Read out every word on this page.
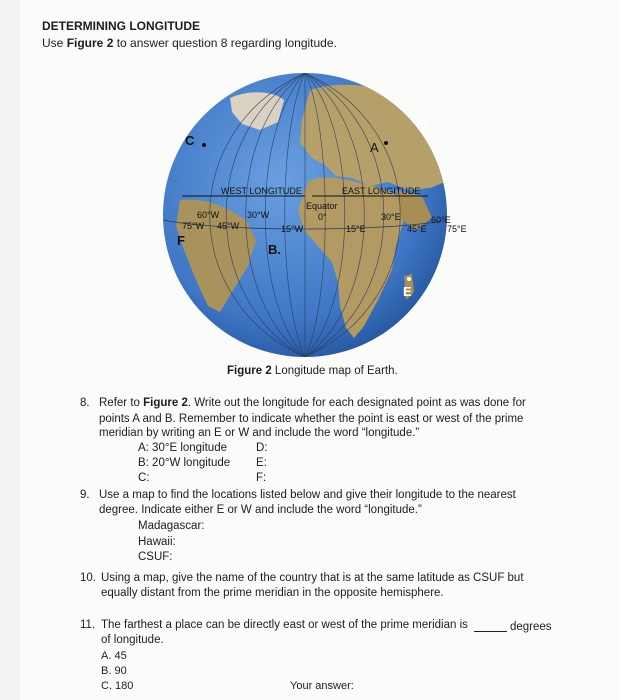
DETERMINING LONGITUDE
Use Figure 2 to answer question 8 regarding longitude.
C	A
D
E
B.
F
WEST LONGITUDE	EAST LONGITUDE
Equator
0°
60°W	30°W
75°W 45°W	15°W
30°E	60°E
15°E	45°E 75°E
Figure 2 Longitude map of Earth.
8. Refer to Figure 2. Write out the longitude for each designated point as was done for
points A and B. Remember to indicate whether the point is east or west of the prime
meridian by writing an E or W and include the word “longitude.”
A: 30°E longitude
B: 20°W longitude
C:
D:
E:
F:
9. Use a map to find the locations listed below and give their longitude to the nearest
degree. Indicate either E or W and include the word “longitude.”
Madagascar:
Hawaii:
CSUF:
10. Using a map, give the name of the country that is at the same latitude as CSUF but
equally distant from the prime meridian in the opposite hemisphere.
11. The farthest a place can be directly east or west of the prime meridian is	degrees
of longitude.
A. 45
B. 90
C. 180	Your answer:
